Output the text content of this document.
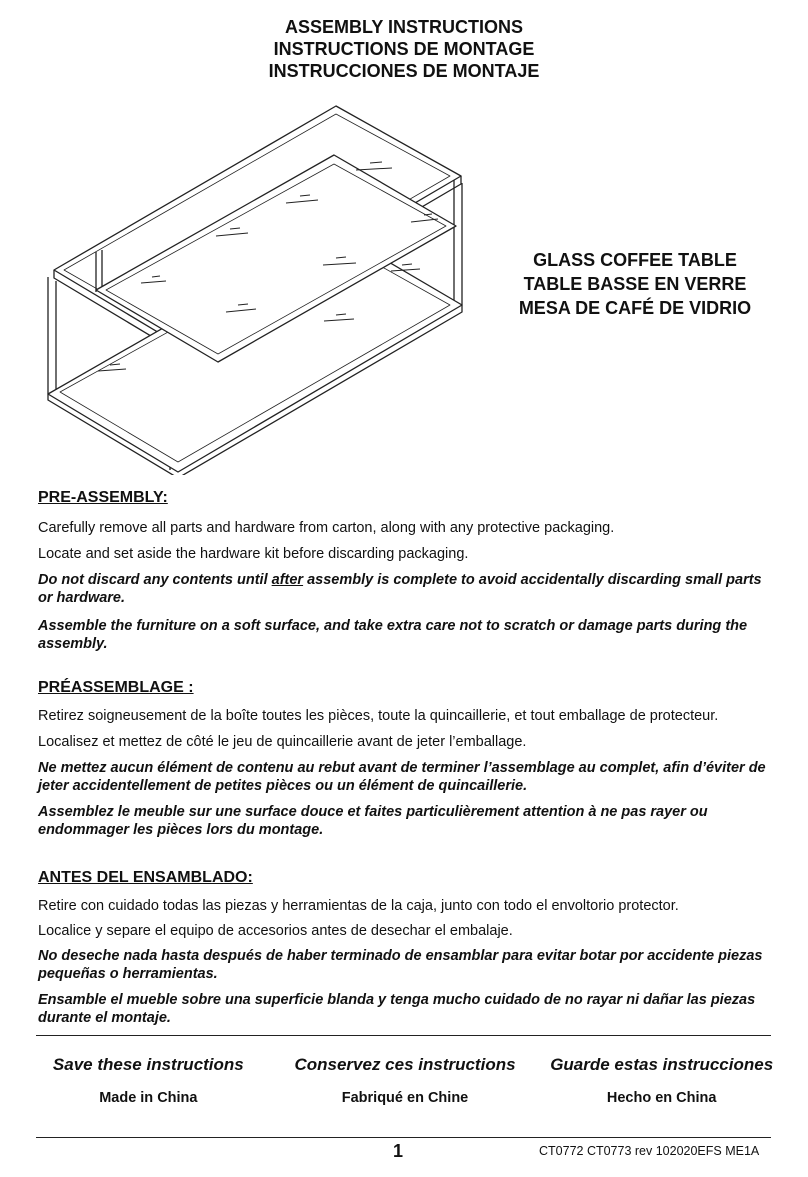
ASSEMBLY INSTRUCTIONS
INSTRUCTIONS DE MONTAGE
INSTRUCCIONES DE MONTAJE
GLASS COFFEE TABLE
TABLE BASSE EN VERRE
MESA DE CAFÉ DE VIDRIO
PRE-ASSEMBLY:
Carefully remove all parts and hardware from carton, along with any protective packaging.
Locate and set aside the hardware kit before discarding packaging.
Do not discard any contents until after assembly is complete to avoid accidentally discarding small parts or hardware.
Assemble the furniture on a soft surface, and take extra care not to scratch or damage parts during the assembly.
PRÉASSEMBLAGE :
Retirez soigneusement de la boîte toutes les pièces, toute la quincaillerie, et tout emballage de protecteur.
Localisez et mettez de côté le jeu de quincaillerie avant de jeter l’emballage.
Ne mettez aucun élément de contenu au rebut avant de terminer l’assemblage au complet, afin d’éviter de jeter accidentellement de petites pièces ou un élément de quincaillerie.
Assemblez le meuble sur une surface douce et faites particulièrement attention à ne pas rayer ou endommager les pièces lors du montage.
ANTES DEL ENSAMBLADO:
Retire con cuidado todas las piezas y herramientas de la caja, junto con todo el envoltorio protector.
Localice y separe el equipo de accesorios antes de desechar el embalaje.
No deseche nada hasta después de haber terminado de ensamblar para evitar botar por accidente piezas pequeñas o herramientas.
Ensamble el mueble sobre una superficie blanda y tenga mucho cuidado de no rayar ni dañar las piezas durante el montaje.
Save these instructions	Conservez ces instructions	Guarde estas instrucciones
Made in China	Fabriqué en Chine	Hecho en China
1	CT0772 CT0773 rev 102020EFS ME1A
